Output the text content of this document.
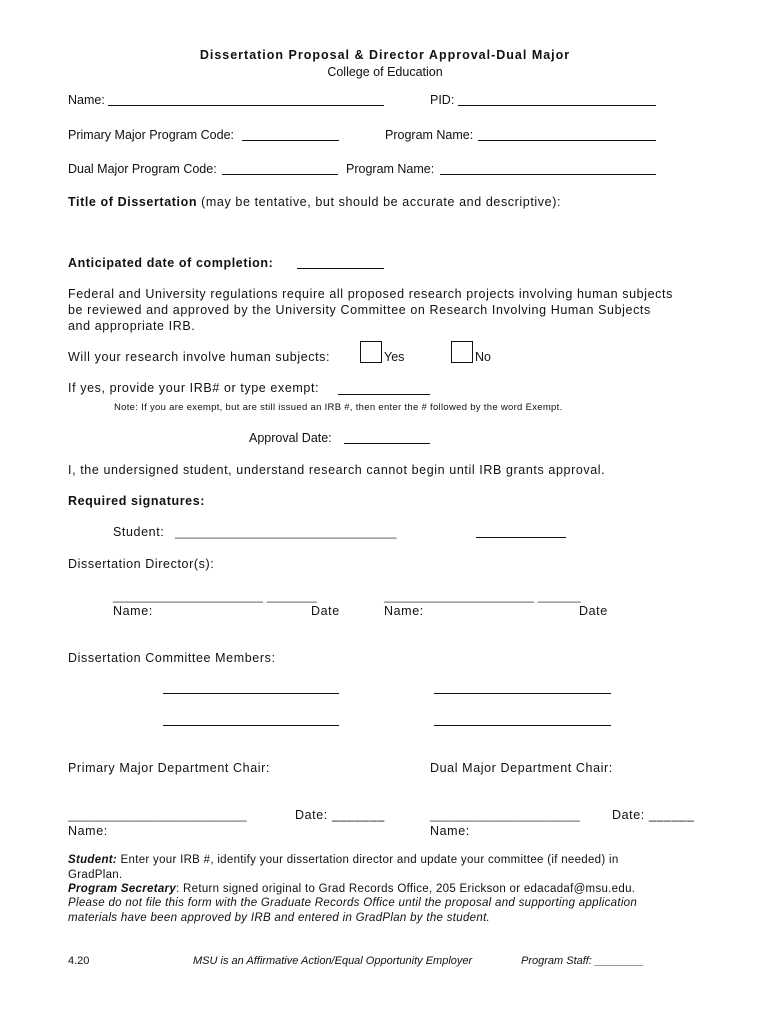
Dissertation Proposal & Director Approval-Dual Major
College of Education
Name:	PID:
Primary Major Program Code:	Program Name:
Dual Major Program Code:	Program Name:
Title of Dissertation (may be tentative, but should be accurate and descriptive):
Anticipated date of completion:
Federal and University regulations require all proposed research projects involving human subjects
be reviewed and approved by the University Committee on Research Involving Human Subjects
and appropriate IRB.
Will your research involve human subjects:	Yes	No
If yes, provide your IRB# or type exempt:
Note: If you are exempt, but are still issued an IRB #, then enter the # followed by the word Exempt.
Approval Date:
I, the undersigned student, understand research cannot begin until IRB grants approval.
Required signatures:
Student: _______________________________
Dissertation Director(s):
_____________________ _______	_____________________ ______
Name:	Date	Name:	Date
Dissertation Committee Members:
Primary Major Department Chair:	Dual Major Department Chair:
_________________________	Date: _______	_____________________	Date: ______
Name:	Name:
Student: Enter your IRB #, identify your dissertation director and update your committee (if needed) in
GradPlan.
Program Secretary: Return signed original to Grad Records Office, 205 Erickson or edacadaf@msu.edu.
Please do not file this form with the Graduate Records Office until the proposal and supporting application
materials have been approved by IRB and entered in GradPlan by the student.
4.20	MSU is an Affirmative Action/Equal Opportunity Employer	Program Staff: ________
